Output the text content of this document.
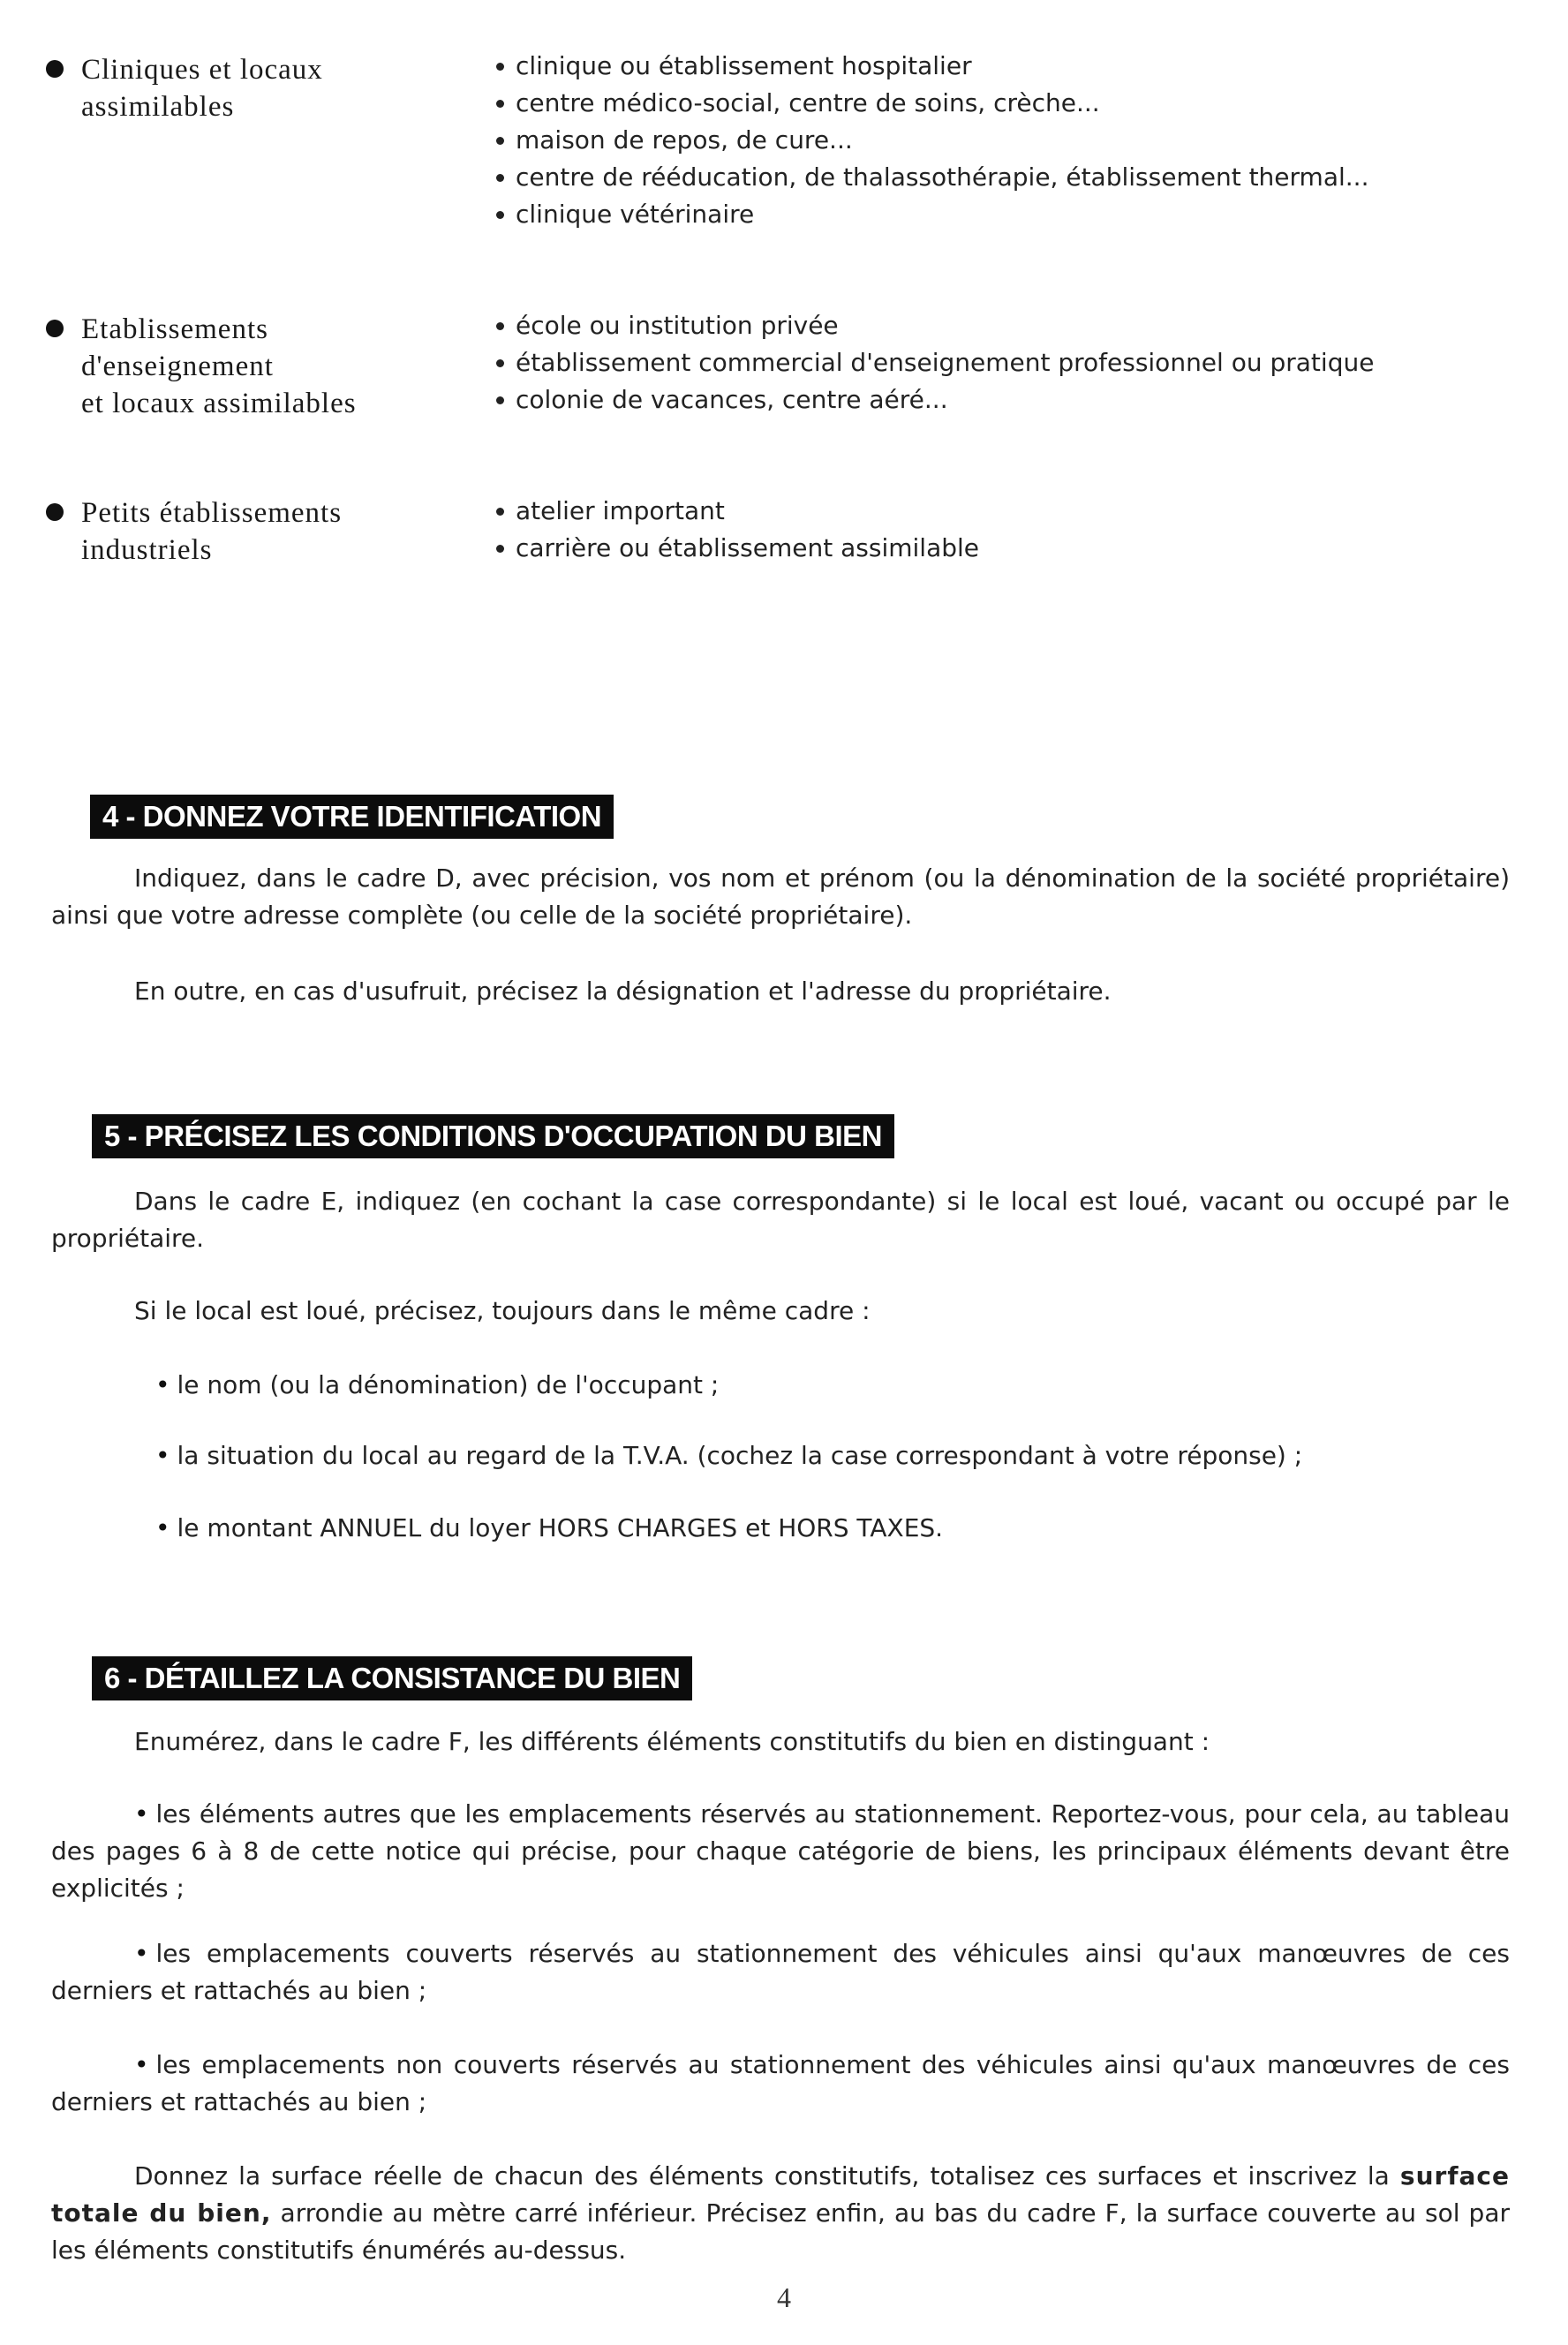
Cliniques et locaux
assimilables
clinique ou établissement hospitalier
centre médico-social, centre de soins, crèche...
maison de repos, de cure...
centre de rééducation, de thalassothérapie, établissement thermal...
clinique vétérinaire
Etablissements
d'enseignement
et locaux assimilables
école ou institution privée
établissement commercial d'enseignement professionnel ou pratique
colonie de vacances, centre aéré...
Petits établissements
industriels
atelier important
carrière ou établissement assimilable
4 - DONNEZ VOTRE IDENTIFICATION
Indiquez, dans le cadre D, avec précision, vos nom et prénom (ou la dénomination de la société propriétaire) ainsi que votre adresse complète (ou celle de la société propriétaire).
En outre, en cas d'usufruit, précisez la désignation et l'adresse du propriétaire.
5 - PRÉCISEZ LES CONDITIONS D'OCCUPATION DU BIEN
Dans le cadre E, indiquez (en cochant la case correspondante) si le local est loué, vacant ou occupé par le propriétaire.
Si le local est loué, précisez, toujours dans le même cadre :
• le nom (ou la dénomination) de l'occupant ;
• la situation du local au regard de la T.V.A. (cochez la case correspondant à votre réponse) ;
• le montant ANNUEL du loyer HORS CHARGES et HORS TAXES.
6 - DÉTAILLEZ LA CONSISTANCE DU BIEN
Enumérez, dans le cadre F, les différents éléments constitutifs du bien en distinguant :
• les éléments autres que les emplacements réservés au stationnement. Reportez-vous, pour cela, au tableau des pages 6 à 8 de cette notice qui précise, pour chaque catégorie de biens, les principaux éléments devant être explicités ;
• les emplacements couverts réservés au stationnement des véhicules ainsi qu'aux manœuvres de ces derniers et rattachés au bien ;
• les emplacements non couverts réservés au stationnement des véhicules ainsi qu'aux manœuvres de ces derniers et rattachés au bien ;
Donnez la surface réelle de chacun des éléments constitutifs, totalisez ces surfaces et inscrivez la surface totale du bien, arrondie au mètre carré inférieur. Précisez enfin, au bas du cadre F, la surface couverte au sol par les éléments constitutifs énumérés au-dessus.
4
